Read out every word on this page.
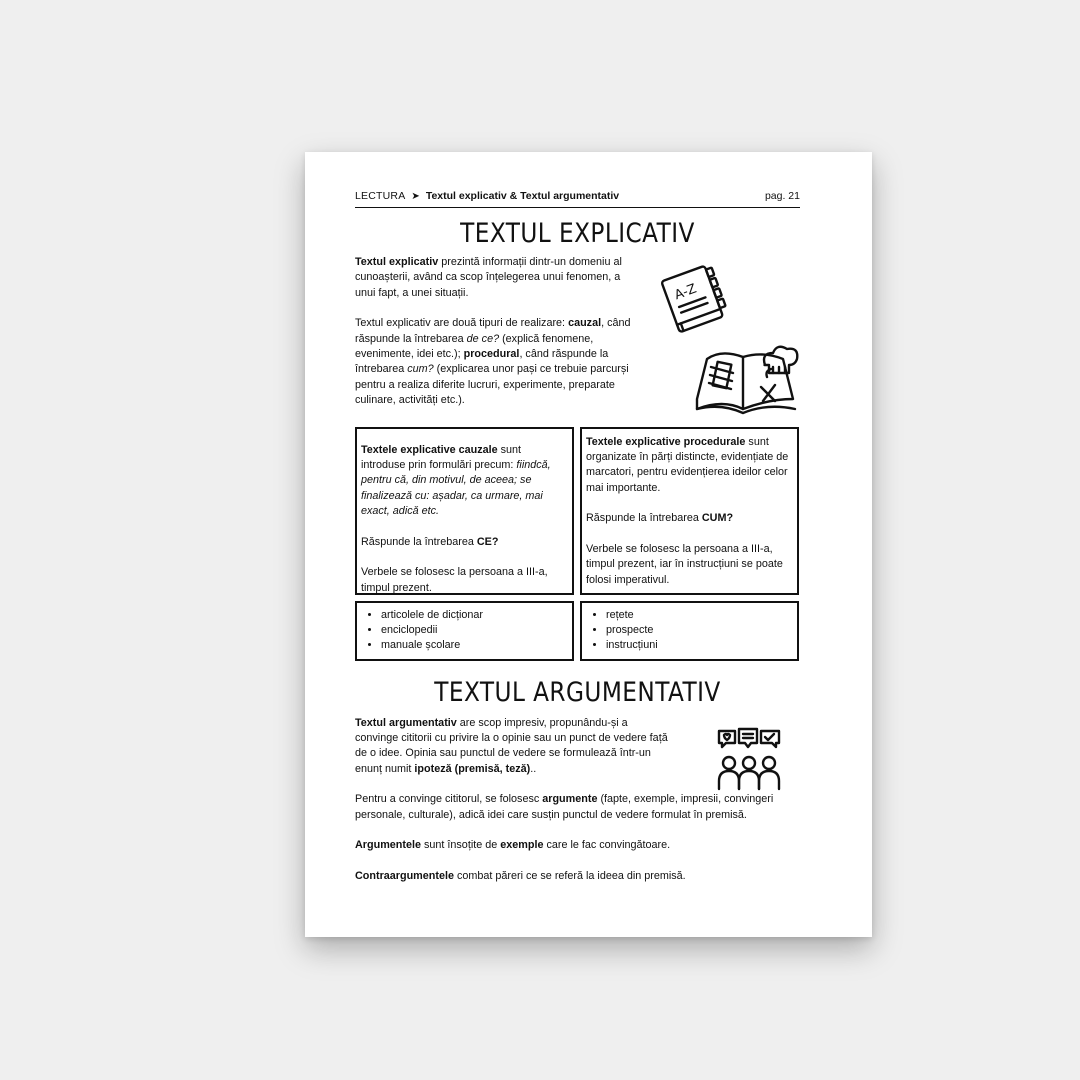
LECTURA ➤ Textul explicativ & Textul argumentativ	pag. 21
TEXTUL EXPLICATIV

Textul explicativ prezintă informații dintr-un domeniu al cunoașterii, având ca scop înțelegerea unui fenomen, a unui fapt, a unei situații.

Textul explicativ are două tipuri de realizare: cauzal, când răspunde la întrebarea de ce? (explică fenomene, evenimente, idei etc.); procedural, când răspunde la întrebarea cum? (explicarea unor pași ce trebuie parcurși pentru a realiza diferite lucruri, experimente, preparate culinare, activități etc.).

Textele explicative cauzale sunt introduse prin formulări precum: fiindcă, pentru că, din motivul, de aceea; se finalizează cu: așadar, ca urmare, mai exact, adică etc.
Răspunde la întrebarea CE?
Verbele se folosesc la persoana a III-a, timpul prezent.
Textele explicative procedurale sunt organizate în părți distincte, evidențiate de marcatori, pentru evidențierea ideilor celor mai importante.
Răspunde la întrebarea CUM?
Verbele se folosesc la persoana a III-a, timpul prezent, iar în instrucțiuni se poate folosi imperativul.
• articolele de dicționar
• enciclopedii
• manuale școlare
• rețete
• prospecte
• instrucțiuni
TEXTUL ARGUMENTATIV

Textul argumentativ are scop impresiv, propunându-și a convinge cititorii cu privire la o opinie sau un punct de vedere față de o idee. Opinia sau punctul de vedere se formulează într-un enunț numit ipoteză (premisă, teză)..

Pentru a convinge cititorul, se folosesc argumente (fapte, exemple, impresii, convingeri personale, culturale), adică idei care susțin punctul de vedere formulat în premisă.

Argumentele sunt însoțite de exemple care le fac convingătoare.

Contraargumentele combat păreri ce se referă la ideea din premisă.

A-Z
